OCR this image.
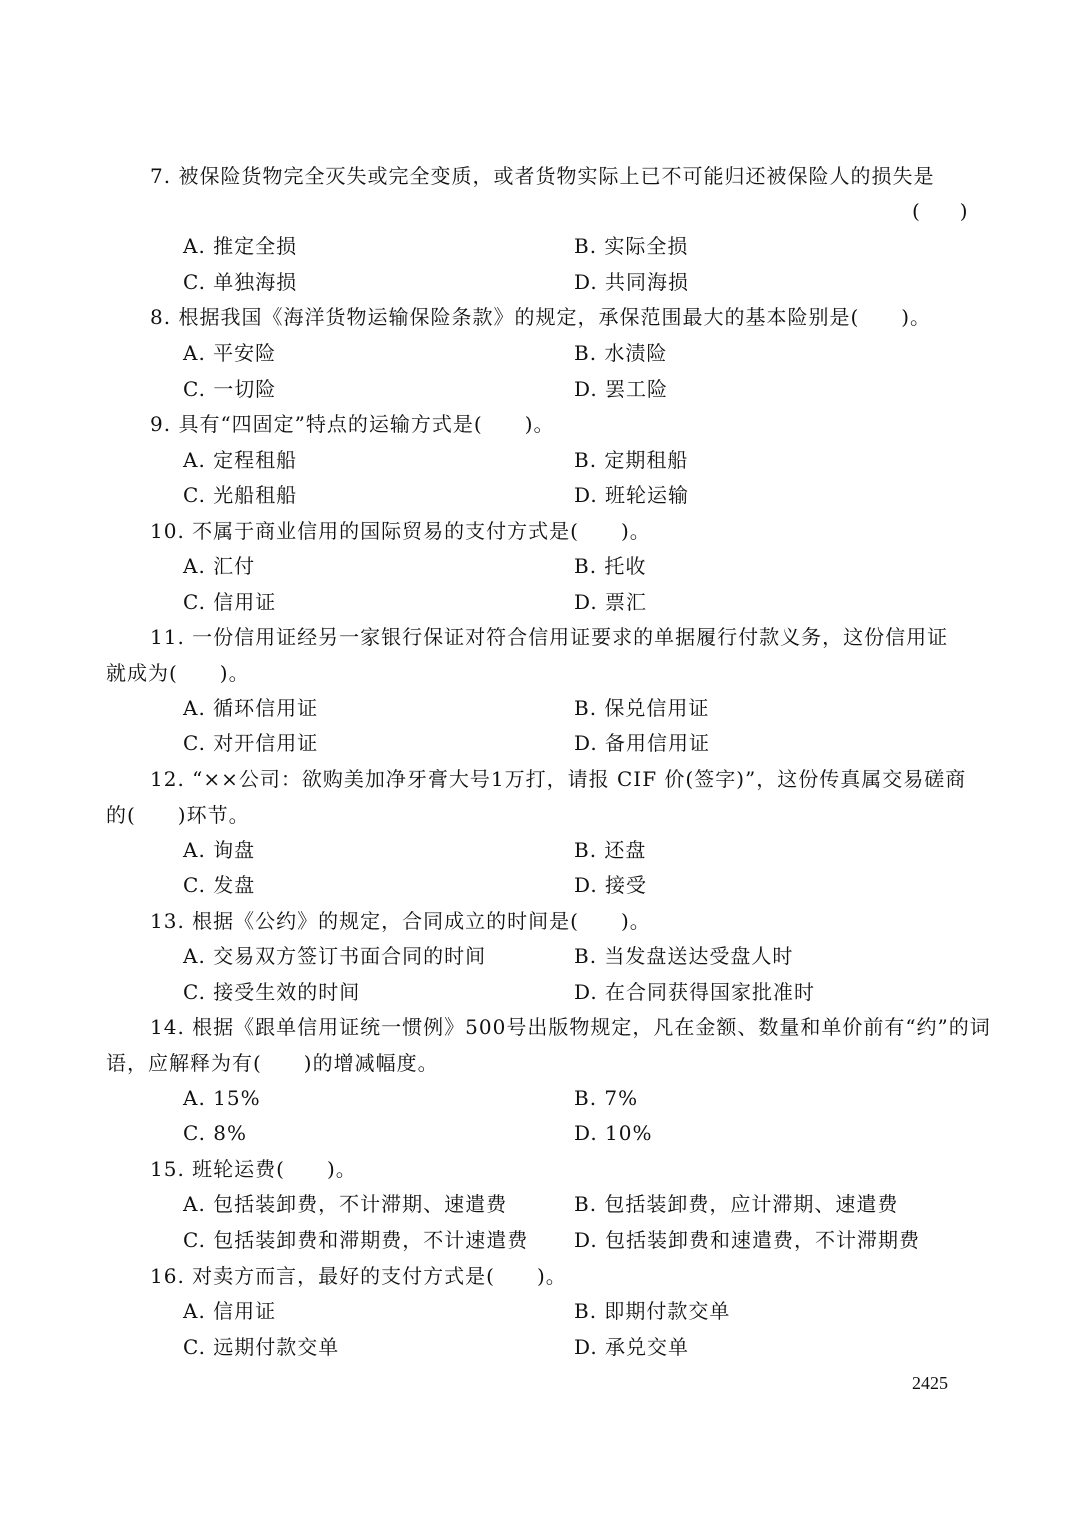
7. 被保险货物完全灭失或完全变质，或者货物实际上已不可能归还被保险人的损失是
(　　)
A. 推定全损	B. 实际全损
C. 单独海损	D. 共同海损
8. 根据我国《海洋货物运输保险条款》的规定，承保范围最大的基本险别是(　　)。
A. 平安险	B. 水渍险
C. 一切险	D. 罢工险
9. 具有“四固定”特点的运输方式是(　　)。
A. 定程租船	B. 定期租船
C. 光船租船	D. 班轮运输
10. 不属于商业信用的国际贸易的支付方式是(　　)。
A. 汇付	B. 托收
C. 信用证	D. 票汇
11. 一份信用证经另一家银行保证对符合信用证要求的单据履行付款义务，这份信用证
就成为(　　)。
A. 循环信用证	B. 保兑信用证
C. 对开信用证	D. 备用信用证
12. “××公司：欲购美加净牙膏大号1万打，请报 CIF 价(签字)”，这份传真属交易磋商
的(　　)环节。
A. 询盘	B. 还盘
C. 发盘	D. 接受
13. 根据《公约》的规定，合同成立的时间是(　　)。
A. 交易双方签订书面合同的时间	B. 当发盘送达受盘人时
C. 接受生效的时间	D. 在合同获得国家批准时
14. 根据《跟单信用证统一惯例》500号出版物规定，凡在金额、数量和单价前有“约”的词
语，应解释为有(　　)的增减幅度。
A. 15%	B. 7%
C. 8%	D. 10%
15. 班轮运费(　　)。
A. 包括装卸费，不计滞期、速遣费	B. 包括装卸费，应计滞期、速遣费
C. 包括装卸费和滞期费，不计速遣费 D. 包括装卸费和速遣费，不计滞期费
16. 对卖方而言，最好的支付方式是(　　)。
A. 信用证	B. 即期付款交单
C. 远期付款交单	D. 承兑交单
2425
